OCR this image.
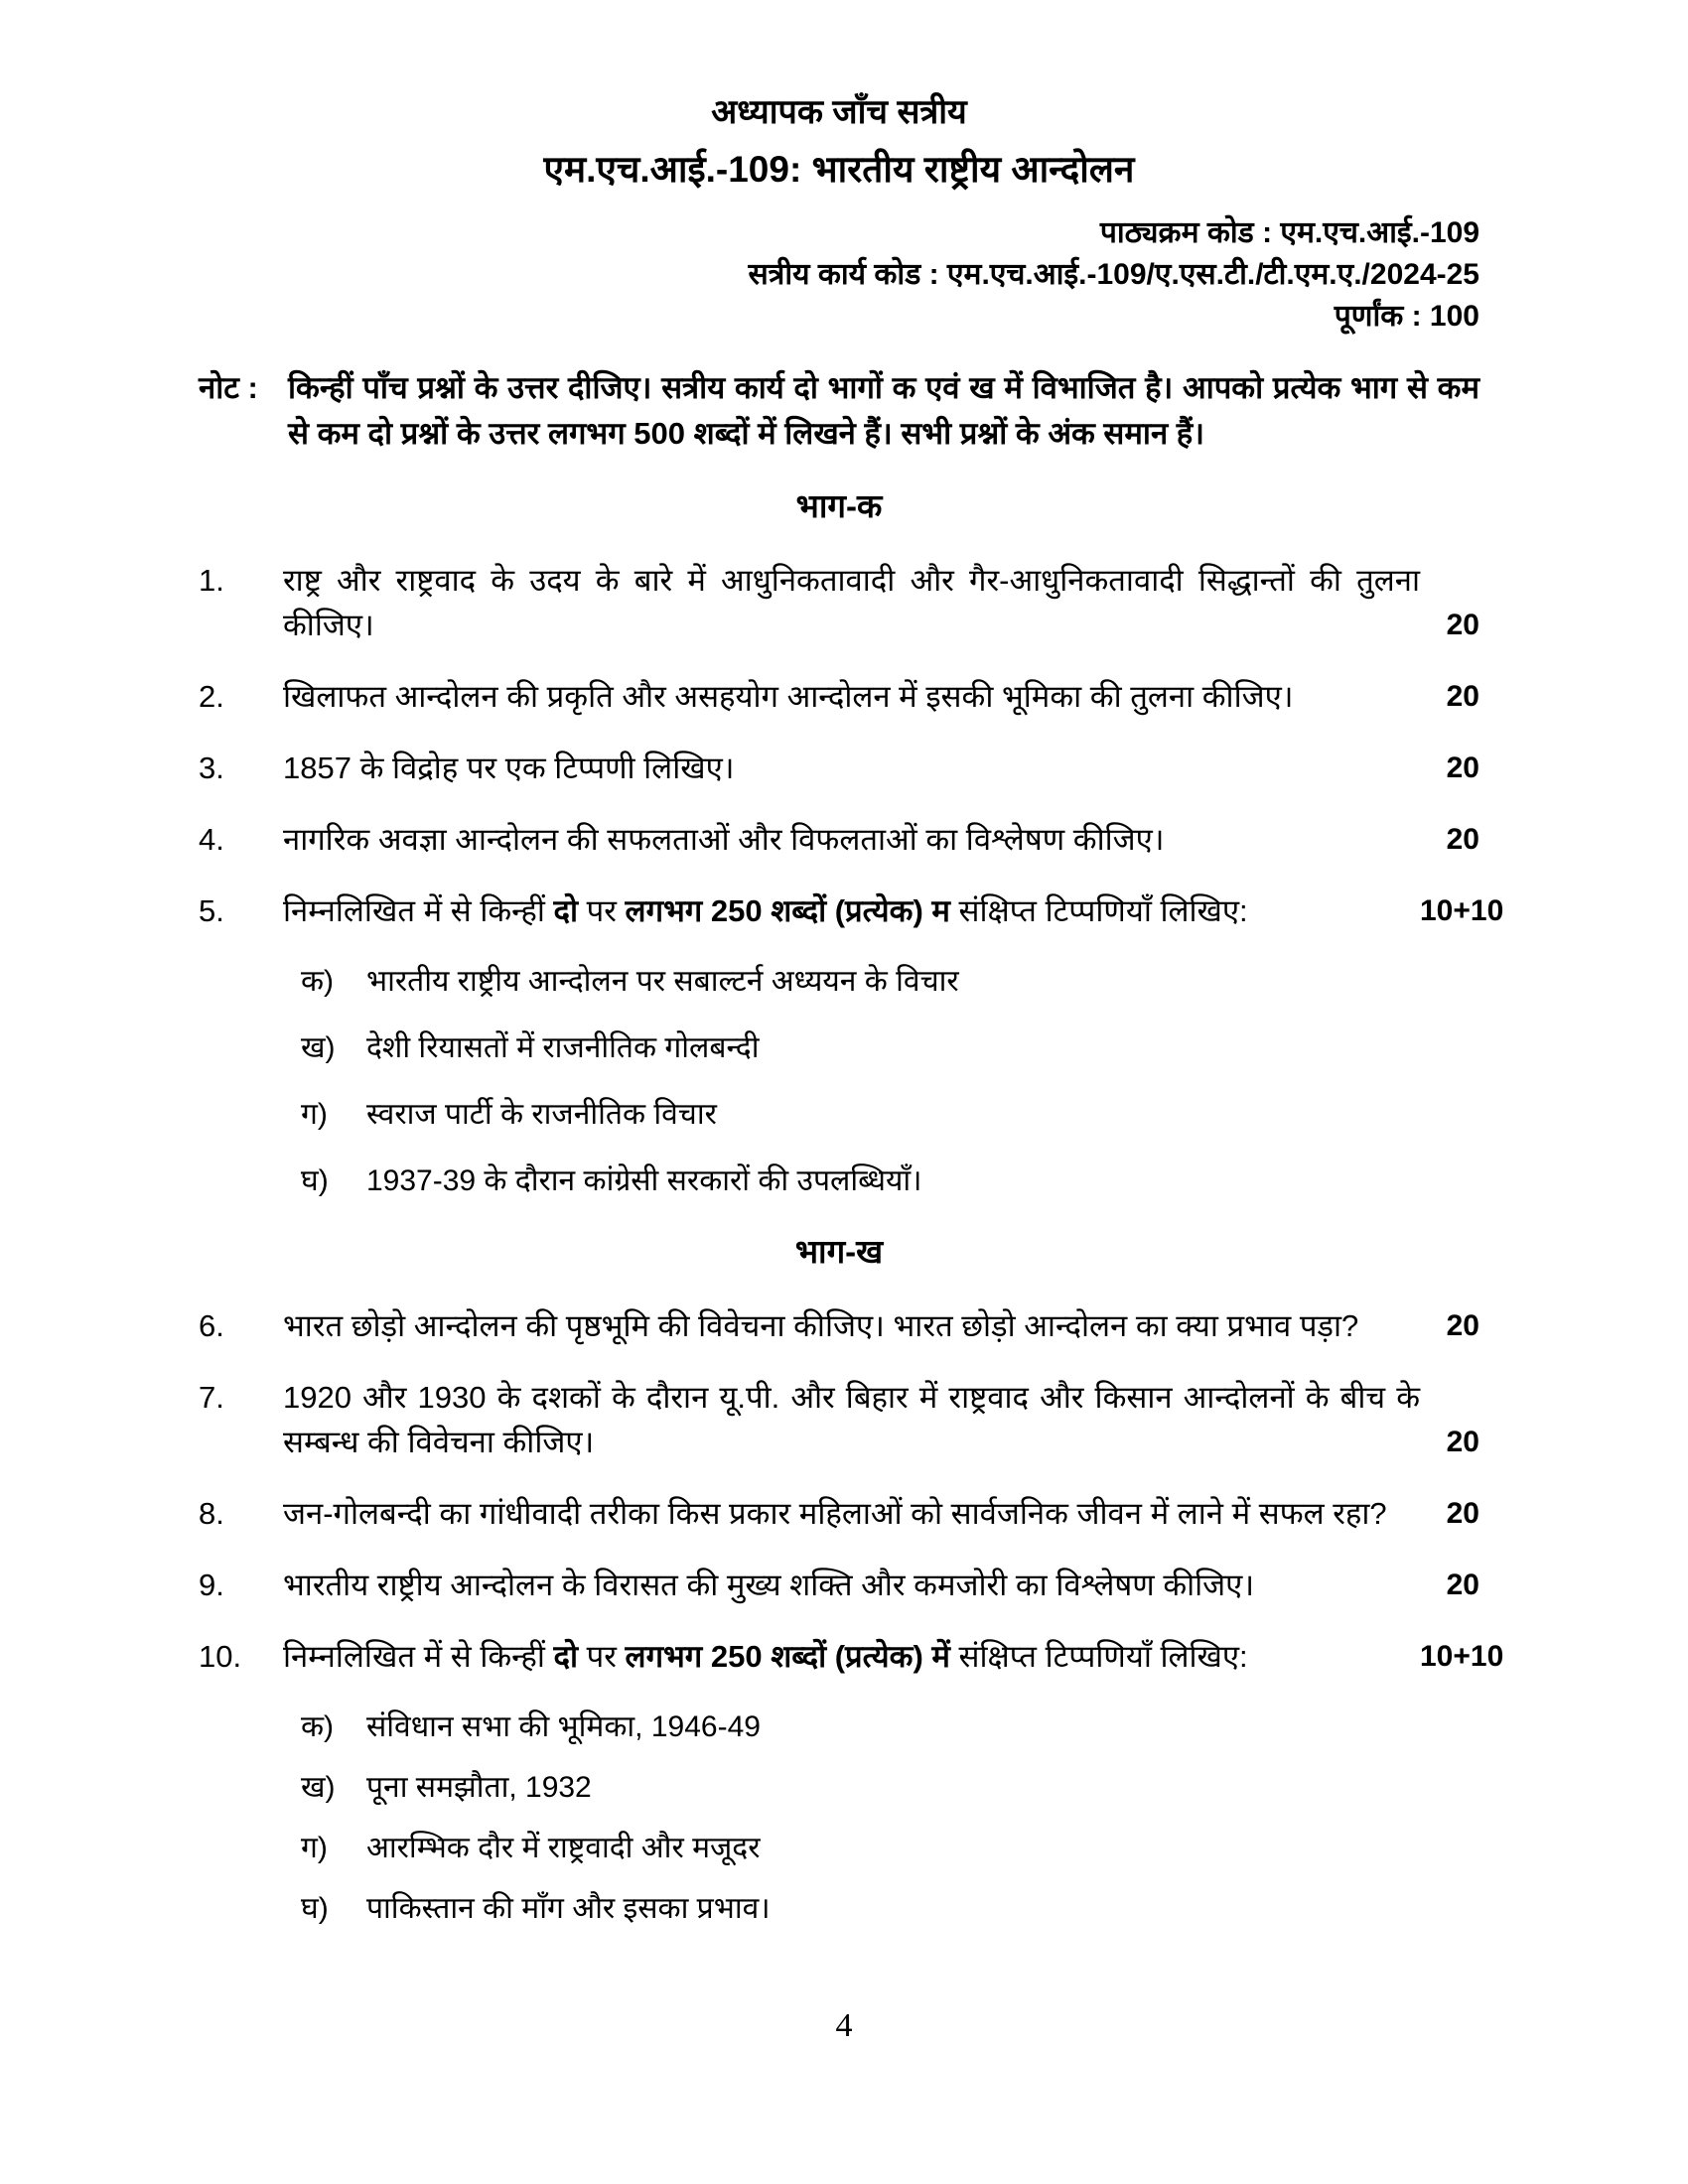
अध्यापक जाँच सत्रीय
एम.एच.आई.-109: भारतीय राष्ट्रीय आन्दोलन
पाठ्यक्रम कोड : एम.एच.आई.-109
सत्रीय कार्य कोड : एम.एच.आई.-109/ए.एस.टी./टी.एम.ए./2024-25
पूर्णांक : 100
नोट : किन्हीं पाँच प्रश्नों के उत्तर दीजिए। सत्रीय कार्य दो भागों क एवं ख में विभाजित है। आपको प्रत्येक भाग से कम से कम दो प्रश्नों के उत्तर लगभग 500 शब्दों में लिखने हैं। सभी प्रश्नों के अंक समान हैं।
भाग-क
1.	राष्ट्र और राष्ट्रवाद के उदय के बारे में आधुनिकतावादी और गैर-आधुनिकतावादी सिद्धान्तों की तुलना कीजिए।	20
2.	खिलाफत आन्दोलन की प्रकृति और असहयोग आन्दोलन में इसकी भूमिका की तुलना कीजिए।	20
3.	1857 के विद्रोह पर एक टिप्पणी लिखिए।	20
4.	नागरिक अवज्ञा आन्दोलन की सफलताओं और विफलताओं का विश्लेषण कीजिए।	20
5.	निम्नलिखित में से किन्हीं दो पर लगभग 250 शब्दों (प्रत्येक) म संक्षिप्त टिप्पणियाँ लिखिए:	10+10
क)	भारतीय राष्ट्रीय आन्दोलन पर सबाल्टर्न अध्ययन के विचार
ख)	देशी रियासतों में राजनीतिक गोलबन्दी
ग)	स्वराज पार्टी के राजनीतिक विचार
घ)	1937-39 के दौरान कांग्रेसी सरकारों की उपलब्धियाँ।
भाग-ख
6.	भारत छोड़ो आन्दोलन की पृष्ठभूमि की विवेचना कीजिए। भारत छोड़ो आन्दोलन का क्या प्रभाव पड़ा?	20
7.	1920 और 1930 के दशकों के दौरान यू.पी. और बिहार में राष्ट्रवाद और किसान आन्दोलनों के बीच के सम्बन्ध की विवेचना कीजिए।	20
8.	जन-गोलबन्दी का गांधीवादी तरीका किस प्रकार महिलाओं को सार्वजनिक जीवन में लाने में सफल रहा?	20
9.	भारतीय राष्ट्रीय आन्दोलन के विरासत की मुख्य शक्ति और कमजोरी का विश्लेषण कीजिए।	20
10.	निम्नलिखित में से किन्हीं दो पर लगभग 250 शब्दों (प्रत्येक) में संक्षिप्त टिप्पणियाँ लिखिए:	10+10
क)	संविधान सभा की भूमिका, 1946-49
ख)	पूना समझौता, 1932
ग)	आरम्भिक दौर में राष्ट्रवादी और मजूदर
घ)	पाकिस्तान की माँग और इसका प्रभाव।
4
